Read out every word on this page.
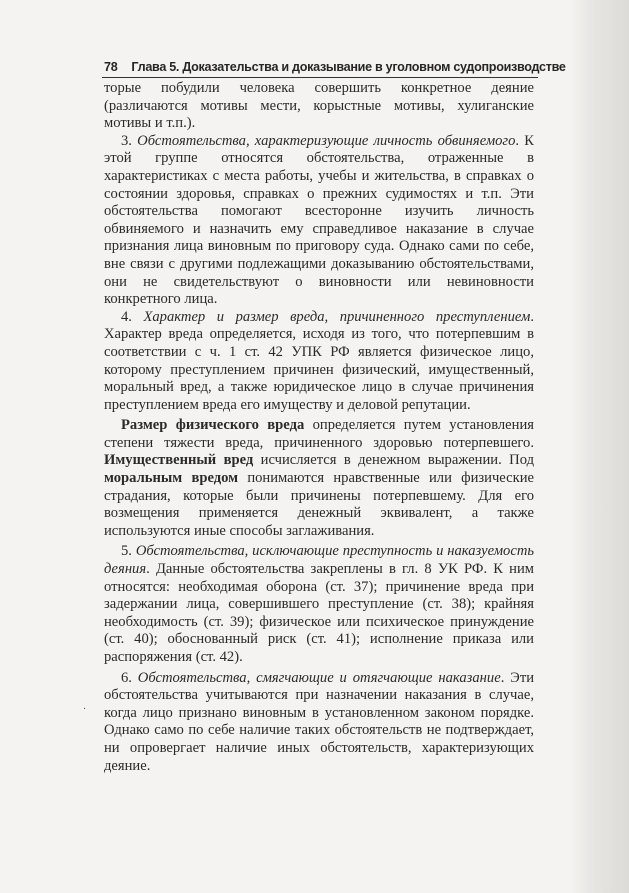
78 Глава 5. Доказательства и доказывание в уголовном судопроизводстве

торые побудили человека совершить конкретное деяние (различаются мотивы мести, корыстные мотивы, хулиганские мотивы и т.п.).

3. Обстоятельства, характеризующие личность обвиняемого. К этой группе относятся обстоятельства, отраженные в характеристиках с места работы, учебы и жительства, в справках о состоянии здоровья, справках о прежних судимостях и т.п. Эти обстоятельства помогают всесторонне изучить личность обвиняемого и назначить ему справедливое наказание в случае признания лица виновным по приговору суда. Однако сами по себе, вне связи с другими подлежащими доказыванию обстоятельствами, они не свидетельствуют о виновности или невиновности конкретного лица.

4. Характер и размер вреда, причиненного преступлением. Характер вреда определяется, исходя из того, что потерпевшим в соответствии с ч. 1 ст. 42 УПК РФ является физическое лицо, которому преступлением причинен физический, имущественный, моральный вред, а также юридическое лицо в случае причинения преступлением вреда его имуществу и деловой репутации.

Размер физического вреда определяется путем установления степени тяжести вреда, причиненного здоровью потерпевшего. Имущественный вред исчисляется в денежном выражении. Под моральным вредом понимаются нравственные или физические страдания, которые были причинены потерпевшему. Для его возмещения применяется денежный эквивалент, а также используются иные способы заглаживания.

5. Обстоятельства, исключающие преступность и наказуемость деяния. Данные обстоятельства закреплены в гл. 8 УК РФ. К ним относятся: необходимая оборона (ст. 37); причинение вреда при задержании лица, совершившего преступление (ст. 38); крайняя необходимость (ст. 39); физическое или психическое принуждение (ст. 40); обоснованный риск (ст. 41); исполнение приказа или распоряжения (ст. 42).

6. Обстоятельства, смягчающие и отягчающие наказание. Эти обстоятельства учитываются при назначении наказания в случае, когда лицо признано виновным в установленном законом порядке. Однако само по себе наличие таких обстоятельств не подтверждает, ни опровергает наличие иных обстоятельств, характеризующих деяние.

·
